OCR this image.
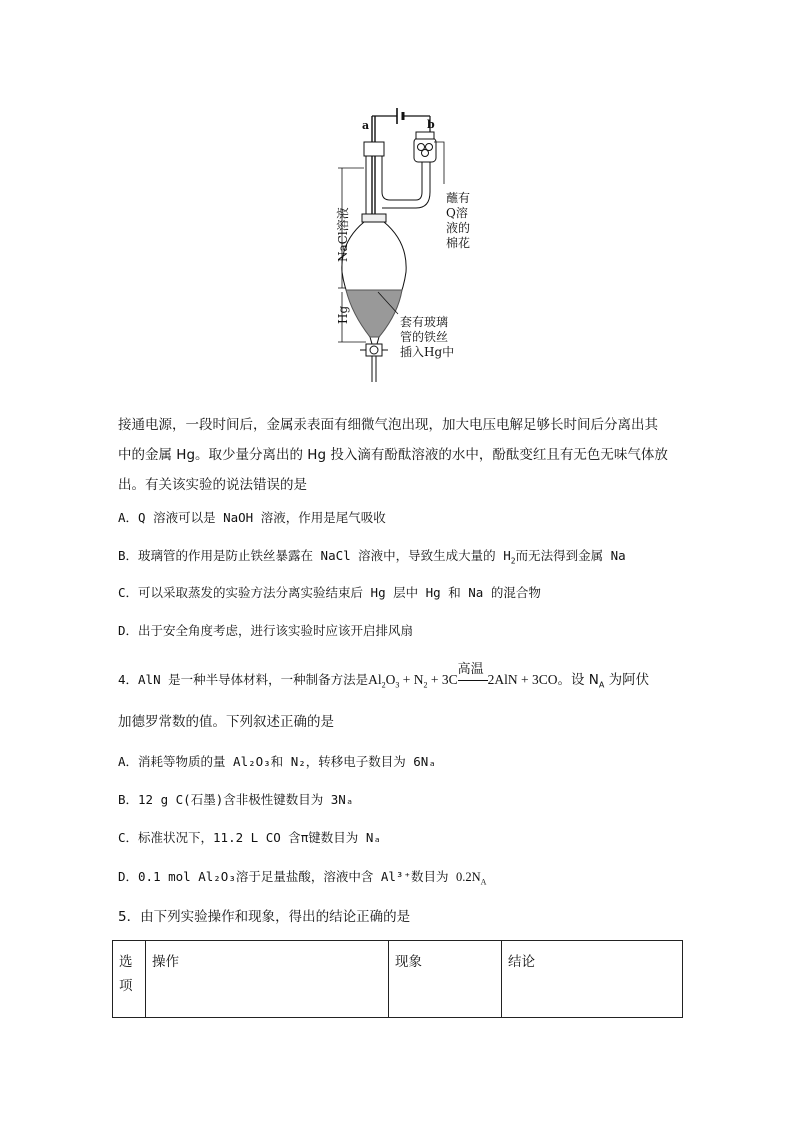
a	b
NaCl溶液
Hg
蘸有
Q溶
液的
棉花
套有玻璃
管的铁丝
插入Hg中
接通电源，一段时间后，金属汞表面有细微气泡出现，加大电压电解足够长时间后分离出其
中的金属 Hg。取少量分离出的 Hg 投入滴有酚酞溶液的水中，酚酞变红且有无色无味气体放
出。有关该实验的说法错误的是
A．Q 溶液可以是 NaOH 溶液，作用是尾气吸收
B．玻璃管的作用是防止铁丝暴露在 NaCl 溶液中，导致生成大量的 $H_2$而无法得到金属 Na
C．可以采取蒸发的实验方法分离实验结束后 Hg 层中 Hg 和 Na 的混合物
D．出于安全角度考虑，进行该实验时应该开启排风扇
4．AlN 是一种半导体材料，一种制备方法是$Al_2O_3 + N_2 + 3C$
高温
2AlN + 3CO。设 $N_A$ 为阿伏
加德罗常数的值。下列叙述正确的是
A．消耗等物质的量 Al₂O₃和 N₂，转移电子数目为 6Nₐ
B．12 g C(石墨)含非极性键数目为 3Nₐ
C．标准状况下，11.2 L CO 含π键数目为 Nₐ
D．0.1 mol Al₂O₃溶于足量盐酸，溶液中含 Al³⁺数目为 $0.2N_A$
5．由下列实验操作和现象，得出的结论正确的是
选项	操作	现象	结论
